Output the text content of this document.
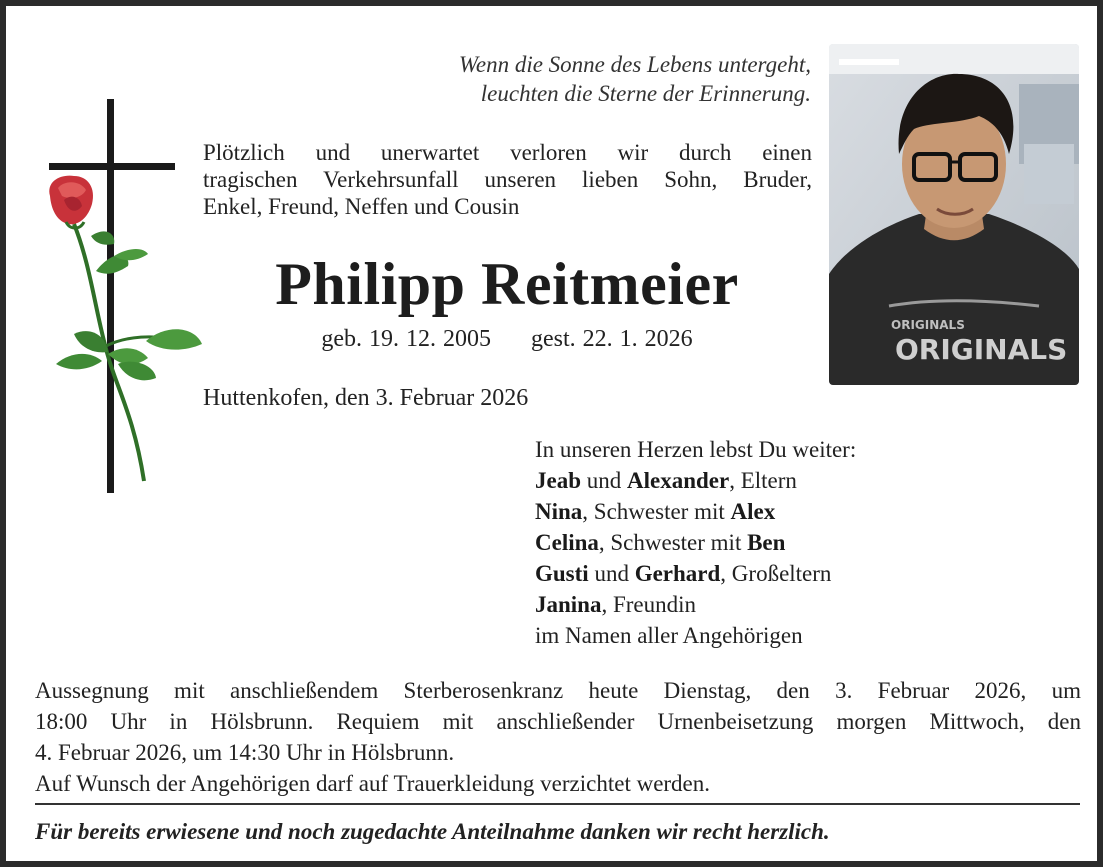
Wenn die Sonne des Lebens untergeht,
leuchten die Sterne der Erinnerung.
Plötzlich und unerwartet verloren wir durch einen
tragischen Verkehrsunfall unseren lieben Sohn, Bruder,
Enkel, Freund, Neffen und Cousin
Philipp Reitmeier
geb. 19. 12. 2005 gest. 22. 1. 2026
Huttenkofen, den 3. Februar 2026
ORIGINALS
ORIGINALS
In unseren Herzen lebst Du weiter:
Jeab und Alexander, Eltern
Nina, Schwester mit Alex
Celina, Schwester mit Ben
Gusti und Gerhard, Großeltern
Janina, Freundin
im Namen aller Angehörigen
Aussegnung mit anschließendem Sterberosenkranz heute Dienstag, den 3. Februar 2026, um
18:00 Uhr in Hölsbrunn. Requiem mit anschließender Urnenbeisetzung morgen Mittwoch, den
4. Februar 2026, um 14:30 Uhr in Hölsbrunn.
Auf Wunsch der Angehörigen darf auf Trauerkleidung verzichtet werden.
Für bereits erwiesene und noch zugedachte Anteilnahme danken wir recht herzlich.
